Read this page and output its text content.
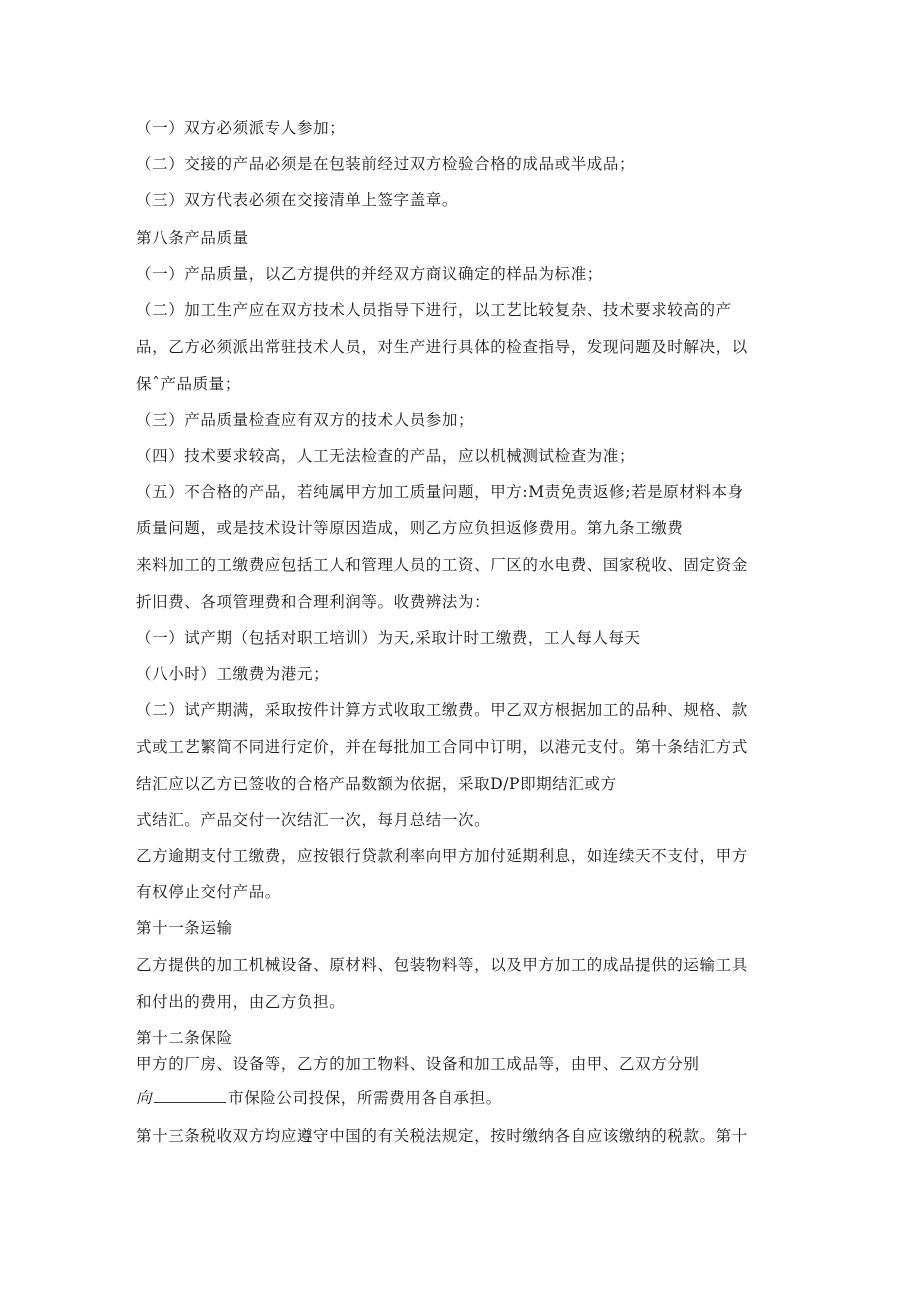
（一）双方必须派专人参加；
（二）交接的产品必须是在包装前经过双方检验合格的成品或半成品；
（三）双方代表必须在交接清单上签字盖章。
第八条产品质量
（一）产品质量，以乙方提供的并经双方商议确定的样品为标准；
（二）加工生产应在双方技术人员指导下进行，以工艺比较复杂、技术要求较高的产
品，乙方必须派出常驻技术人员，对生产进行具体的检查指导，发现问题及时解决，以
保ˆ产品质量；
（三）产品质量检查应有双方的技术人员参加；
（四）技术要求较高，人工无法检查的产品，应以机械测试检查为准；
（五）不合格的产品，若纯属甲方加工质量问题，甲方:M责免责返修;若是原材料本身
质量问题，或是技术设计等原因造成，则乙方应负担返修费用。第九条工缴费
来料加工的工缴费应包括工人和管理人员的工资、厂区的水电费、国家税收、固定资金
折旧费、各项管理费和合理利润等。收费辨法为：
（一）试产期（包括对职工培训）为天,采取计时工缴费，工人每人每天
（八小时）工缴费为港元；
（二）试产期满，采取按件计算方式收取工缴费。甲乙双方根据加工的品种、规格、款
式或工艺繁简不同进行定价，并在每批加工合同中订明，以港元支付。第十条结汇方式
结汇应以乙方已签收的合格产品数额为依据，采取D/P即期结汇或方
式结汇。产品交付一次结汇一次，每月总结一次。
乙方逾期支付工缴费，应按银行贷款利率向甲方加付延期利息，如连续天不支付，甲方
有权停止交付产品。
第十一条运输
乙方提供的加工机械设备、原材料、包装物料等，以及甲方加工的成品提供的运输工具
和付出的费用，由乙方负担。
第十二条保险
甲方的厂房、设备等，乙方的加工物料、设备和加工成品等，由甲、乙双方分别
向	市保险公司投保，所需费用各自承担。
第十三条税收双方均应遵守中国的有关税法规定，按时缴纳各自应该缴纳的税款。第十
